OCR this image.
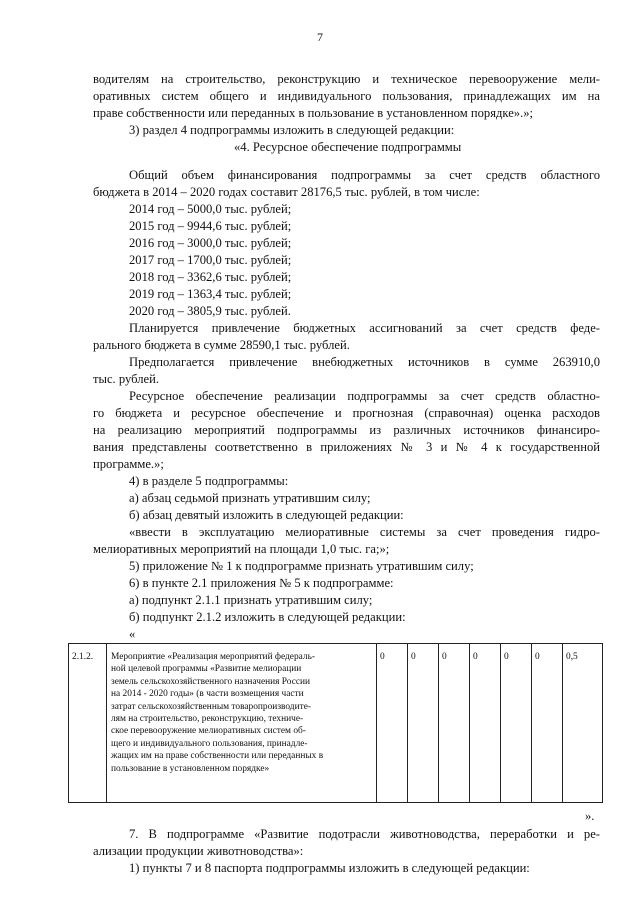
7
водителям на строительство, реконструкцию и техническое перевооружение мели-
оративных систем общего и индивидуального пользования, принадлежащих им на
праве собственности или переданных в пользование в установленном порядке».»;
3) раздел 4 подпрограммы изложить в следующей редакции:
«4. Ресурсное обеспечение подпрограммы
Общий объем финансирования подпрограммы за счет средств областного
бюджета в 2014 – 2020 годах составит 28176,5 тыс. рублей, в том числе:
2014 год – 5000,0 тыс. рублей;
2015 год – 9944,6 тыс. рублей;
2016 год – 3000,0 тыс. рублей;
2017 год – 1700,0 тыс. рублей;
2018 год – 3362,6 тыс. рублей;
2019 год – 1363,4 тыс. рублей;
2020 год – 3805,9 тыс. рублей.
Планируется привлечение бюджетных ассигнований за счет средств феде-
рального бюджета в сумме 28590,1 тыс. рублей.
Предполагается привлечение внебюджетных источников в сумме 263910,0
тыс. рублей.
Ресурсное обеспечение реализации подпрограммы за счет средств областно-
го бюджета и ресурсное обеспечение и прогнозная (справочная) оценка расходов
на реализацию мероприятий подпрограммы из различных источников финансиро-
вания представлены соответственно в приложениях № 3 и № 4 к государственной
программе.»;
4) в разделе 5 подпрограммы:
а) абзац седьмой признать утратившим силу;
б) абзац девятый изложить в следующей редакции:
«ввести в эксплуатацию мелиоративные системы за счет проведения гидро-
мелиоративных мероприятий на площади 1,0 тыс. га;»;
5) приложение № 1 к подпрограмме признать утратившим силу;
6) в пункте 2.1 приложения № 5 к подпрограмме:
а) подпункт 2.1.1 признать утратившим силу;
б) подпункт 2.1.2 изложить в следующей редакции:
«
2.1.2.	Мероприятие «Реализация мероприятий федераль-
ной целевой программы «Развитие мелиорации
земель сельскохозяйственного назначения России
на 2014 - 2020 годы» (в части возмещения части
затрат сельскохозяйственным товаропроизводите-
лям на строительство, реконструкцию, техниче-
ское перевооружение мелиоративных систем об-
щего и индивидуального пользования, принадле-
жащих им на праве собственности или переданных в
пользование в установленном порядке»
	0	0	0	0	0	0	0,5
».
7. В подпрограмме «Развитие подотрасли животноводства, переработки и ре-
ализации продукции животноводства»:
1) пункты 7 и 8 паспорта подпрограммы изложить в следующей редакции:
